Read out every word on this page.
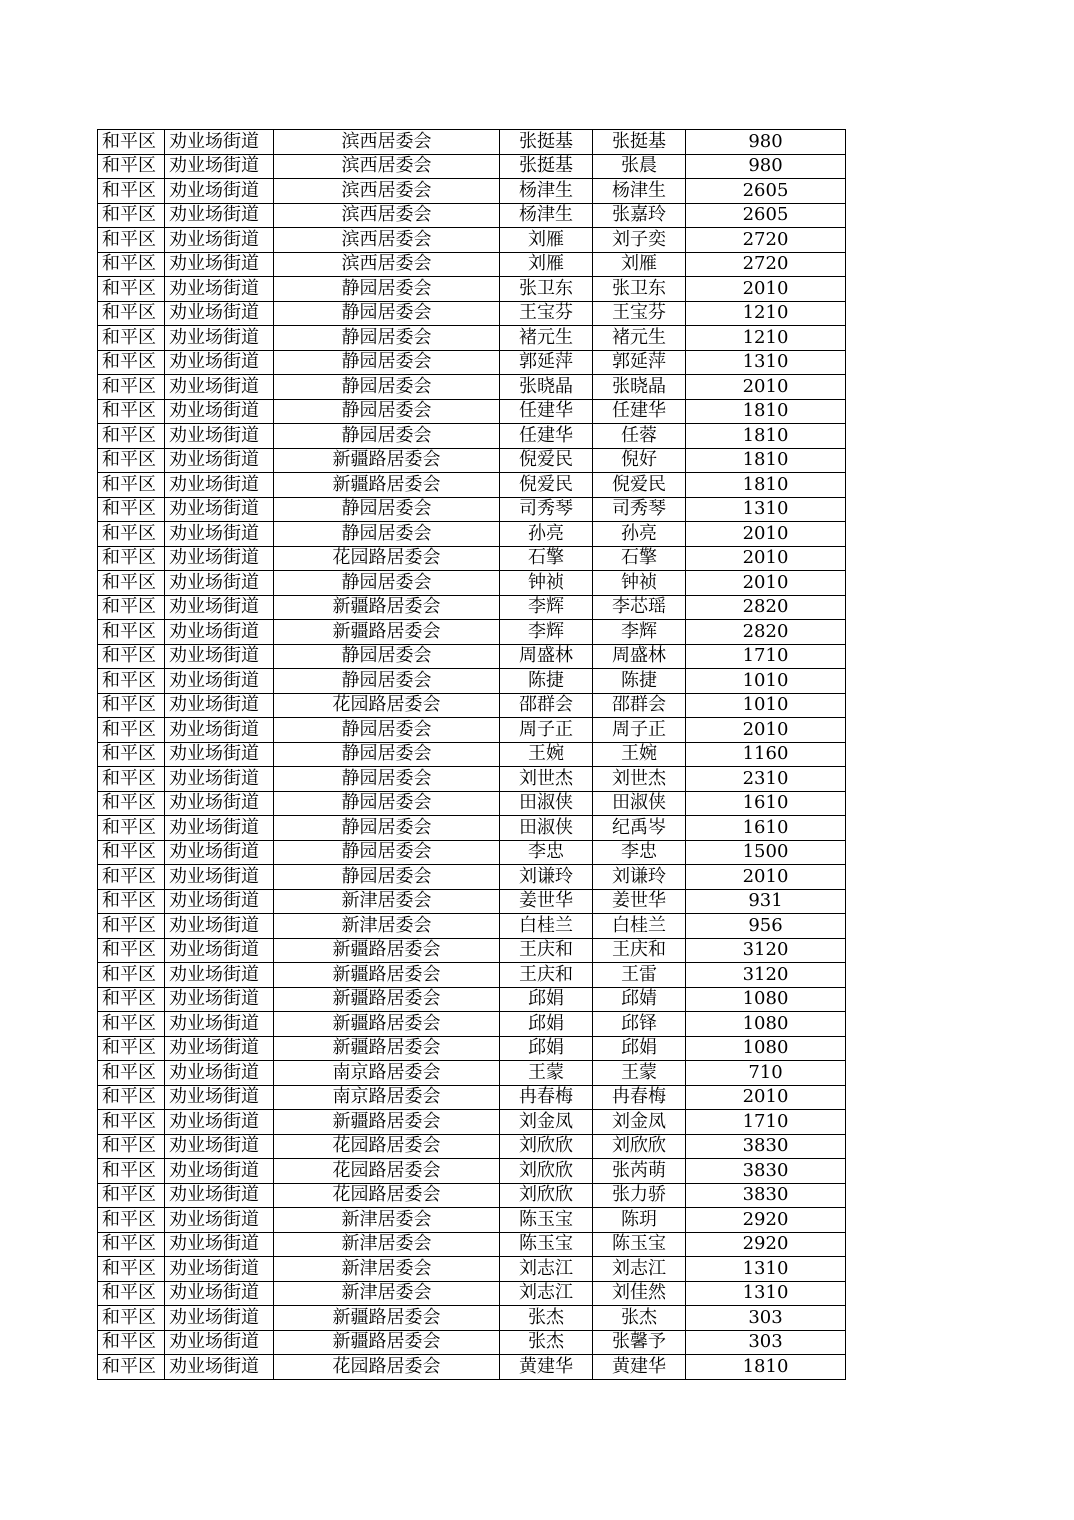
和平区	劝业场街道	滨西居委会	张挺基	张挺基	980
和平区	劝业场街道	滨西居委会	张挺基	张晨	980
和平区	劝业场街道	滨西居委会	杨津生	杨津生	2605
和平区	劝业场街道	滨西居委会	杨津生	张嘉玲	2605
和平区	劝业场街道	滨西居委会	刘雁	刘子奕	2720
和平区	劝业场街道	滨西居委会	刘雁	刘雁	2720
和平区	劝业场街道	静园居委会	张卫东	张卫东	2010
和平区	劝业场街道	静园居委会	王宝芬	王宝芬	1210
和平区	劝业场街道	静园居委会	褚元生	褚元生	1210
和平区	劝业场街道	静园居委会	郭延萍	郭延萍	1310
和平区	劝业场街道	静园居委会	张晓晶	张晓晶	2010
和平区	劝业场街道	静园居委会	任建华	任建华	1810
和平区	劝业场街道	静园居委会	任建华	任蓉	1810
和平区	劝业场街道	新疆路居委会	倪爱民	倪好	1810
和平区	劝业场街道	新疆路居委会	倪爱民	倪爱民	1810
和平区	劝业场街道	静园居委会	司秀琴	司秀琴	1310
和平区	劝业场街道	静园居委会	孙亮	孙亮	2010
和平区	劝业场街道	花园路居委会	石擎	石擎	2010
和平区	劝业场街道	静园居委会	钟祯	钟祯	2010
和平区	劝业场街道	新疆路居委会	李辉	李芯瑶	2820
和平区	劝业场街道	新疆路居委会	李辉	李辉	2820
和平区	劝业场街道	静园居委会	周盛林	周盛林	1710
和平区	劝业场街道	静园居委会	陈捷	陈捷	1010
和平区	劝业场街道	花园路居委会	邵群会	邵群会	1010
和平区	劝业场街道	静园居委会	周子正	周子正	2010
和平区	劝业场街道	静园居委会	王婉	王婉	1160
和平区	劝业场街道	静园居委会	刘世杰	刘世杰	2310
和平区	劝业场街道	静园居委会	田淑侠	田淑侠	1610
和平区	劝业场街道	静园居委会	田淑侠	纪禹岑	1610
和平区	劝业场街道	静园居委会	李忠	李忠	1500
和平区	劝业场街道	静园居委会	刘谦玲	刘谦玲	2010
和平区	劝业场街道	新津居委会	姜世华	姜世华	931
和平区	劝业场街道	新津居委会	白桂兰	白桂兰	956
和平区	劝业场街道	新疆路居委会	王庆和	王庆和	3120
和平区	劝业场街道	新疆路居委会	王庆和	王雷	3120
和平区	劝业场街道	新疆路居委会	邱娟	邱婧	1080
和平区	劝业场街道	新疆路居委会	邱娟	邱铎	1080
和平区	劝业场街道	新疆路居委会	邱娟	邱娟	1080
和平区	劝业场街道	南京路居委会	王蒙	王蒙	710
和平区	劝业场街道	南京路居委会	冉春梅	冉春梅	2010
和平区	劝业场街道	新疆路居委会	刘金凤	刘金凤	1710
和平区	劝业场街道	花园路居委会	刘欣欣	刘欣欣	3830
和平区	劝业场街道	花园路居委会	刘欣欣	张芮萌	3830
和平区	劝业场街道	花园路居委会	刘欣欣	张力骄	3830
和平区	劝业场街道	新津居委会	陈玉宝	陈玥	2920
和平区	劝业场街道	新津居委会	陈玉宝	陈玉宝	2920
和平区	劝业场街道	新津居委会	刘志江	刘志江	1310
和平区	劝业场街道	新津居委会	刘志江	刘佳然	1310
和平区	劝业场街道	新疆路居委会	张杰	张杰	303
和平区	劝业场街道	新疆路居委会	张杰	张馨予	303
和平区	劝业场街道	花园路居委会	黄建华	黄建华	1810
